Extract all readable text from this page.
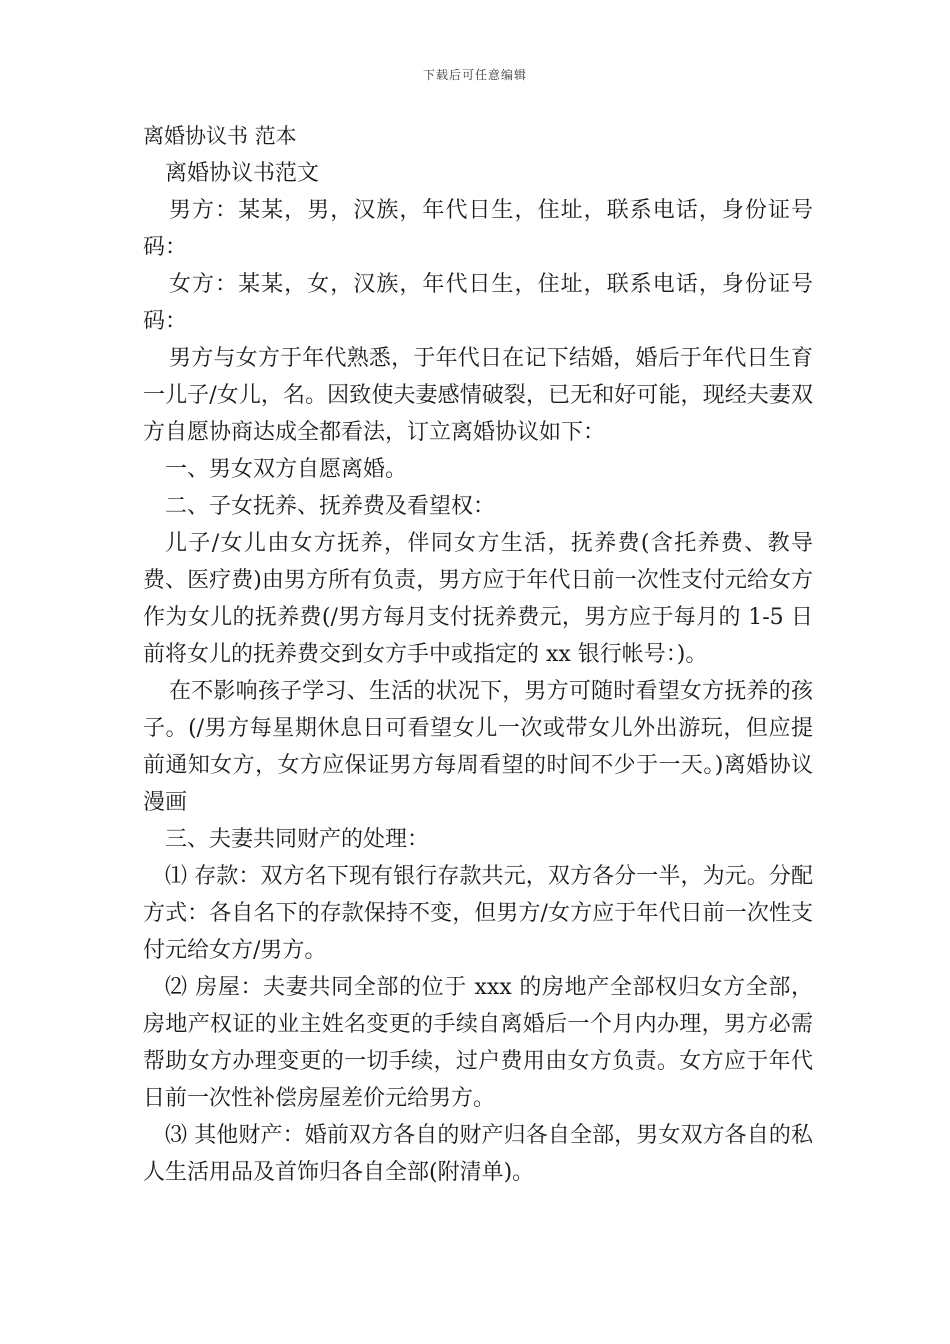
下载后可任意编辑

离婚协议书 范本

离婚协议书范文

男方：某某，男，汉族，年代日生，住址，联系电话，身份证号码：

女方：某某，女，汉族，年代日生，住址，联系电话，身份证号码：

男方与女方于年代熟悉，于年代日在记下结婚，婚后于年代日生育一儿子/女儿，名。因致使夫妻感情破裂，已无和好可能，现经夫妻双方自愿协商达成全都看法，订立离婚协议如下：

一、男女双方自愿离婚。

二、子女抚养、抚养费及看望权：

儿子/女儿由女方抚养，伴同女方生活，抚养费(含托养费、教导费、医疗费)由男方所有负责，男方应于年代日前一次性支付元给女方作为女儿的抚养费(/男方每月支付抚养费元，男方应于每月的 1-5 日前将女儿的抚养费交到女方手中或指定的 xx 银行帐号：)。

在不影响孩子学习、生活的状况下，男方可随时看望女方抚养的孩子。(/男方每星期休息日可看望女儿一次或带女儿外出游玩，但应提前通知女方，女方应保证男方每周看望的时间不少于一天。)离婚协议漫画

三、夫妻共同财产的处理：

⑴ 存款：双方名下现有银行存款共元，双方各分一半，为元。分配方式：各自名下的存款保持不变，但男方/女方应于年代日前一次性支付元给女方/男方。

⑵ 房屋：夫妻共同全部的位于 xxx 的房地产全部权归女方全部，房地产权证的业主姓名变更的手续自离婚后一个月内办理，男方必需帮助女方办理变更的一切手续，过户费用由女方负责。女方应于年代日前一次性补偿房屋差价元给男方。

⑶ 其他财产：婚前双方各自的财产归各自全部，男女双方各自的私人生活用品及首饰归各自全部(附清单)。
